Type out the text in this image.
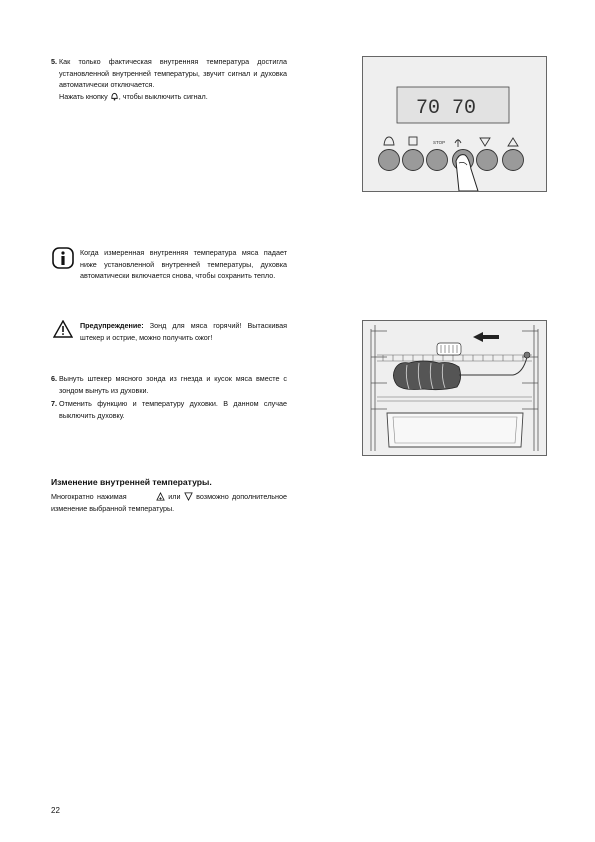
5. Как только фактическая внутренняя температура достигла установленной внутренней температуры, звучит сигнал и духовка автоматически отключается.

Нажать кнопку , чтобы выключить сигнал.

70 70
STOP

Когда измеренная внутренняя температура мяса падает ниже установленной внутренней температуры, духовка автоматически включается снова, чтобы сохранить тепло.

Предупреждение: Зонд для мяса горячий! Вытаскивая штекер и острие, можно получить ожог!

6. Вынуть штекер мясного зонда из гнезда и кусок мяса вместе с зондом вынуть из духовки.

7. Отменить функцию и температуру духовки. В данном случае выключить духовку.

Изменение внутренней температуры.

Многократно нажимая	или возможно дополнительное изменение выбранной температуры.

22
